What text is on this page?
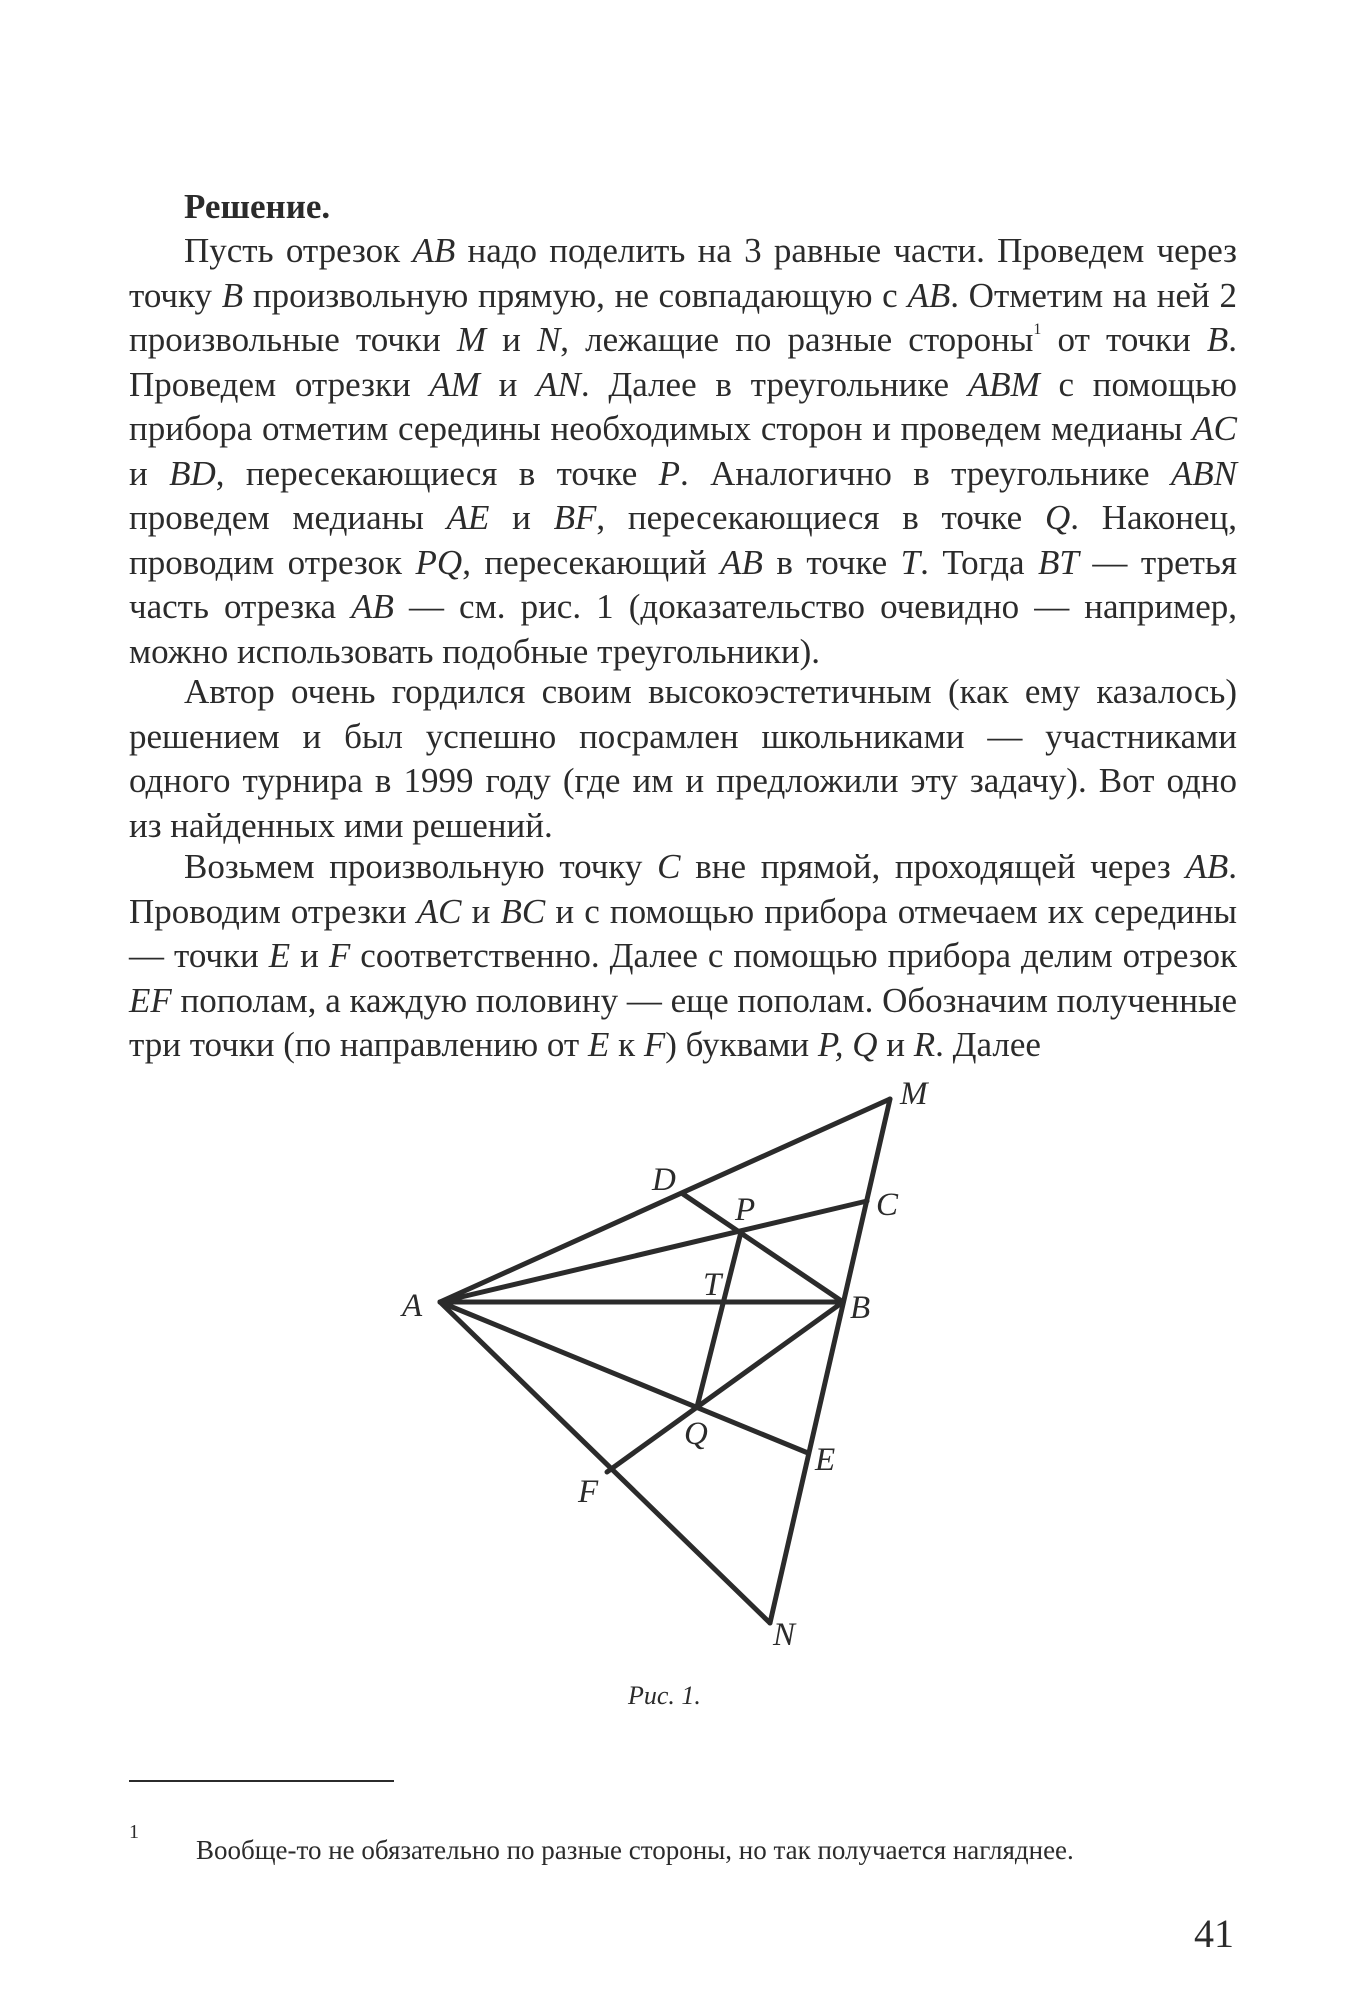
Решение.
Пусть отрезок AB надо поделить на 3 равные части. Проведем через точку B произвольную прямую, не совпадающую с AB. Отметим на ней 2 произвольные точки M и N, лежащие по разные стороны$^1$ от точки B. Проведем отрезки AM и AN. Далее в треугольнике ABM с помощью прибора отметим середины необходимых сторон и проведем медианы AC и BD, пересекающиеся в точке P. Аналогично в треугольнике ABN проведем медианы AE и BF, пересекающиеся в точке Q. Наконец, проводим отрезок PQ, пересекающий AB в точке T. Тогда BT — третья часть отрезка AB — см. рис. 1 (доказательство очевидно — например, можно использовать подобные треугольники).
Автор очень гордился своим высокоэстетичным (как ему казалось) решением и был успешно посрамлен школьниками — участниками одного турнира в 1999 году (где им и предложили эту задачу). Вот одно из найденных ими решений.
Возьмем произвольную точку C вне прямой, проходящей через AB. Проводим отрезки AC и BC и с помощью прибора отмечаем их середины — точки E и F соответственно. Далее с помощью прибора делим отрезок EF пополам, а каждую половину — еще пополам. Обозначим полученные три точки (по направлению от E к F) буквами P, Q и R. Далее
M
D
P	C
A
T
B
Q
E
F
N
Рис. 1.
1
Вообще-то не обязательно по разные стороны, но так получается нагляднее.
41
